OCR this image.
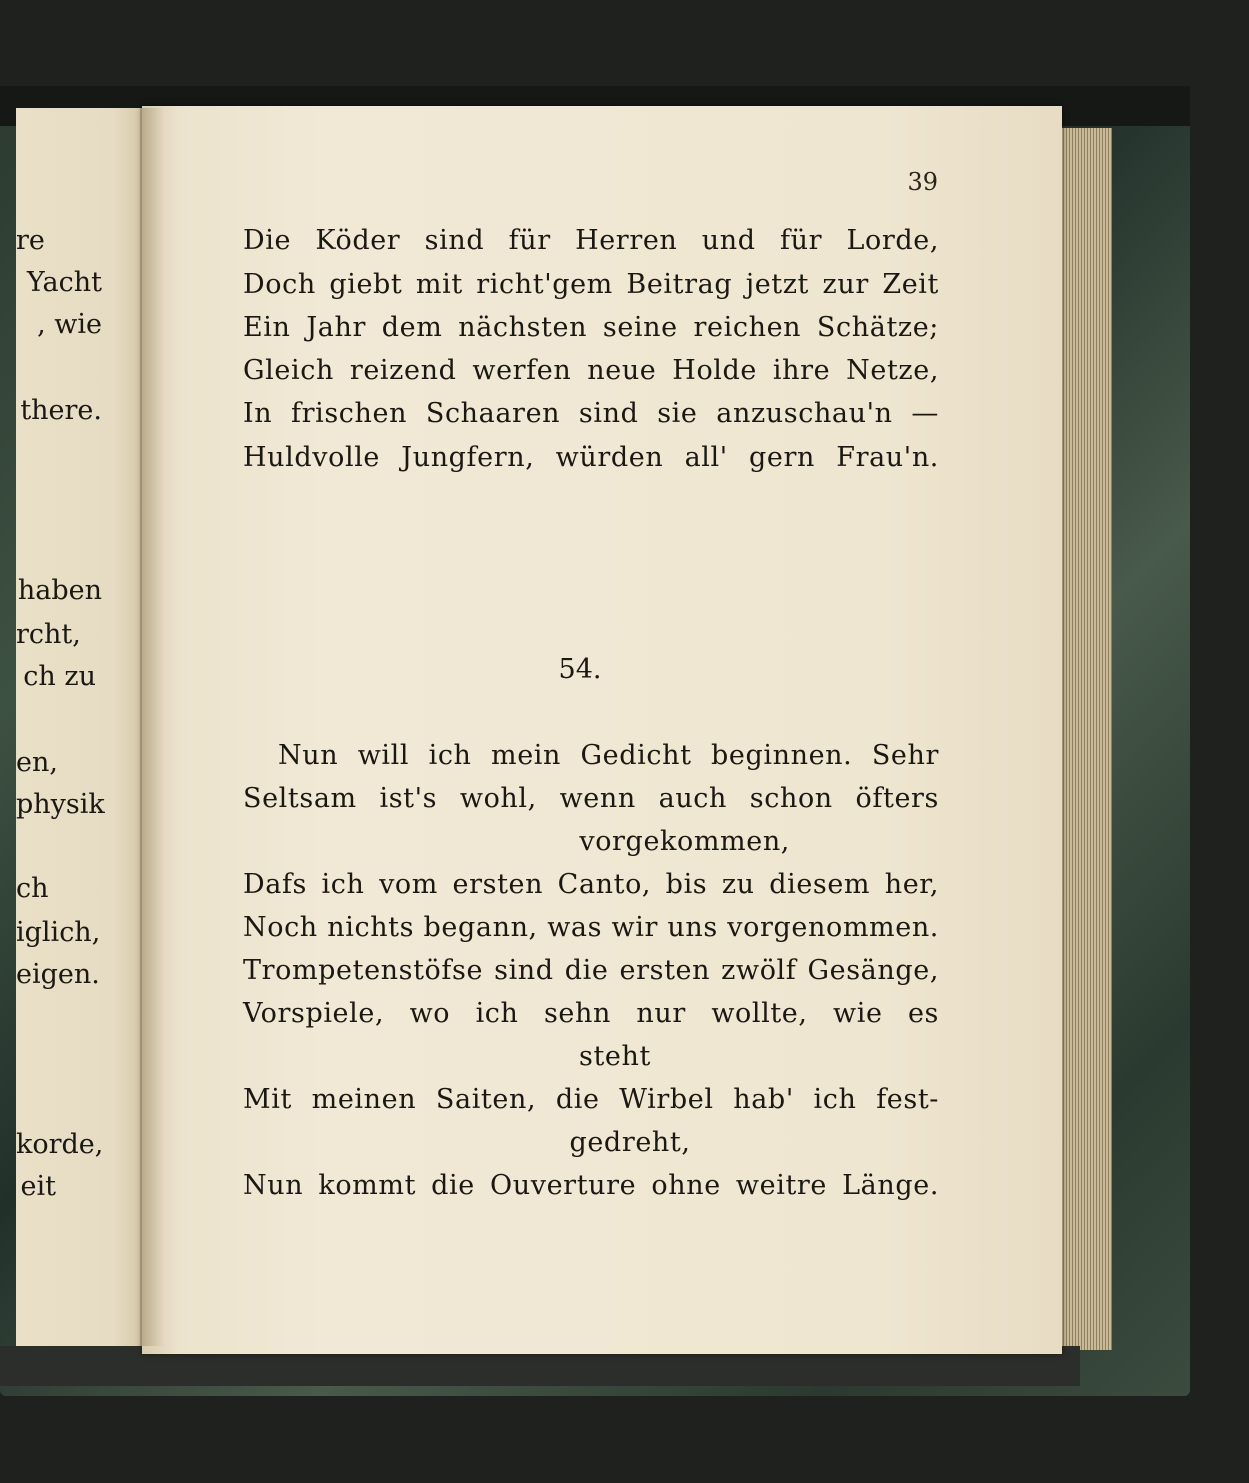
re
Yacht
, wie
there.
haben
rcht,
ch zu
en,
physik
ch
iglich,
eigen.
korde,
eit
39
Die Köder sind für Herren und für Lorde,
Doch giebt mit richt'gem Beitrag jetzt zur Zeit
Ein Jahr dem nächsten seine reichen Schätze;
Gleich reizend werfen neue Holde ihre Netze,
In frischen Schaaren sind sie anzuschau'n —
Huldvolle Jungfern, würden all' gern Frau'n.
54.
Nun will ich mein Gedicht beginnen. Sehr
Seltsam ist's wohl, wenn auch schon öfters
vorgekommen,
Dafs ich vom ersten Canto, bis zu diesem her,
Noch nichts begann, was wir uns vorgenommen.
Trompetenstöfse sind die ersten zwölf Gesänge,
Vorspiele, wo ich sehn nur wollte, wie es
steht
Mit meinen Saiten, die Wirbel hab' ich fest-
gedreht,
Nun kommt die Ouverture ohne weitre Länge.
